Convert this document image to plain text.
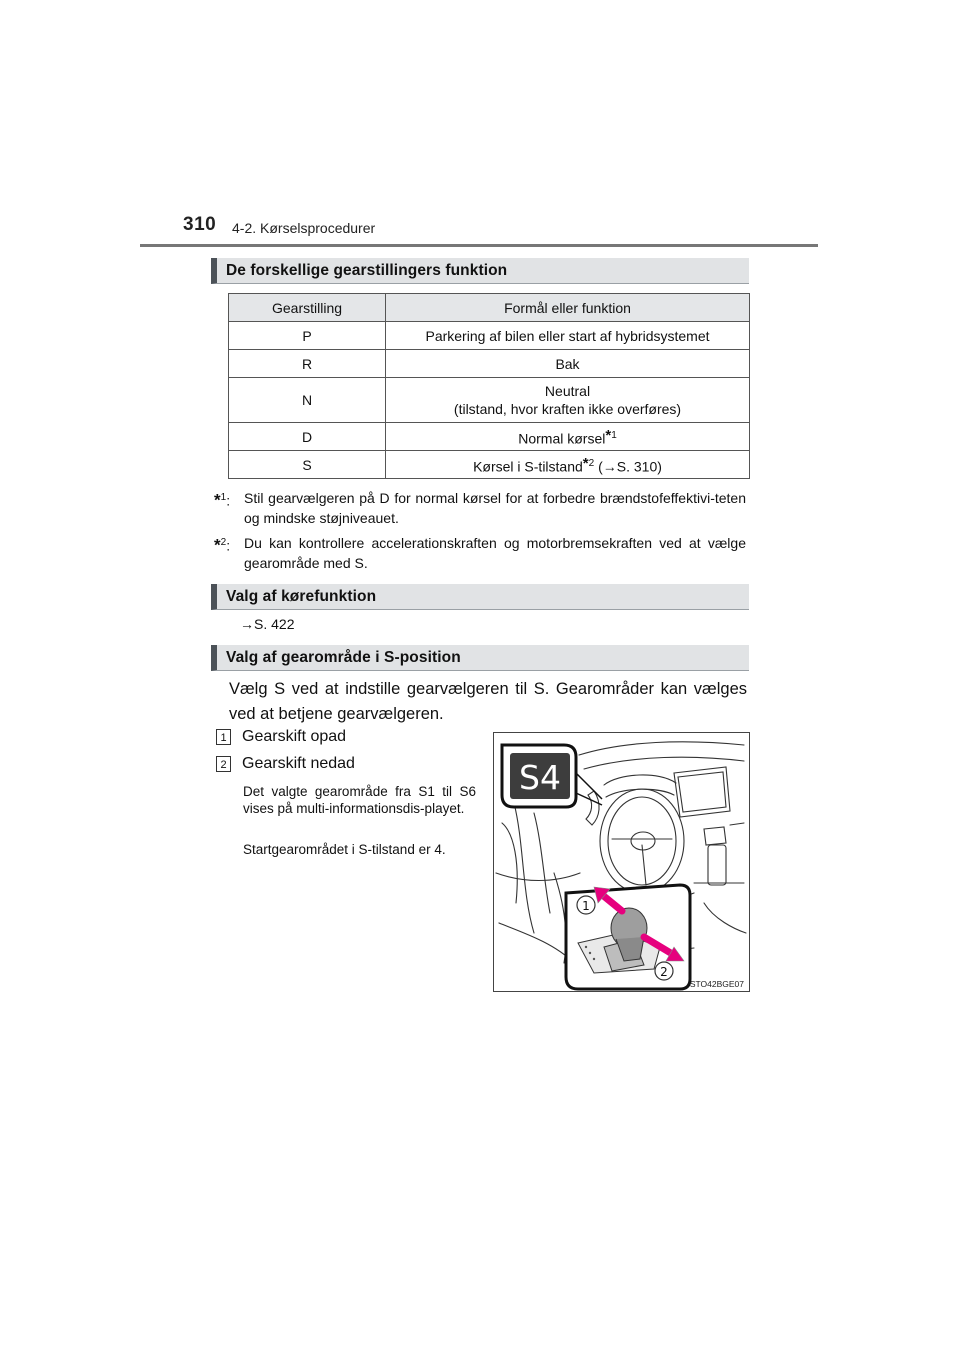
310 4-2. Kørselsprocedurer
De forskellige gearstillingers funktion
Gearstilling	Formål eller funktion
P	Parkering af bilen eller start af hybridsystemet
R	Bak
N	Neutral
(tilstand, hvor kraften ikke overføres)
D	Normal kørsel$^{*1}$
S	Kørsel i S-tilstand$^{*2}$ (→S. 310)
*$^1$: Stil gearvælgeren på D for normal kørsel for at forbedre brændstofeffektivi-teten og mindske støjniveauet.
*$^2$: Du kan kontrollere accelerationskraften og motorbremsekraften ved at vælge gearområde med S.
Valg af kørefunktion
→S. 422
Valg af gearområde i S-position
Vælg S ved at indstille gearvælgeren til S. Gearområder kan vælges ved at betjene gearvælgeren.
1 Gearskift opad
2 Gearskift nedad
Det valgte gearområde fra S1 til S6 vises på multi-informationsdis-playet.
Startgearområdet i S-tilstand er 4.
S4
1
2
STO42BGE07
